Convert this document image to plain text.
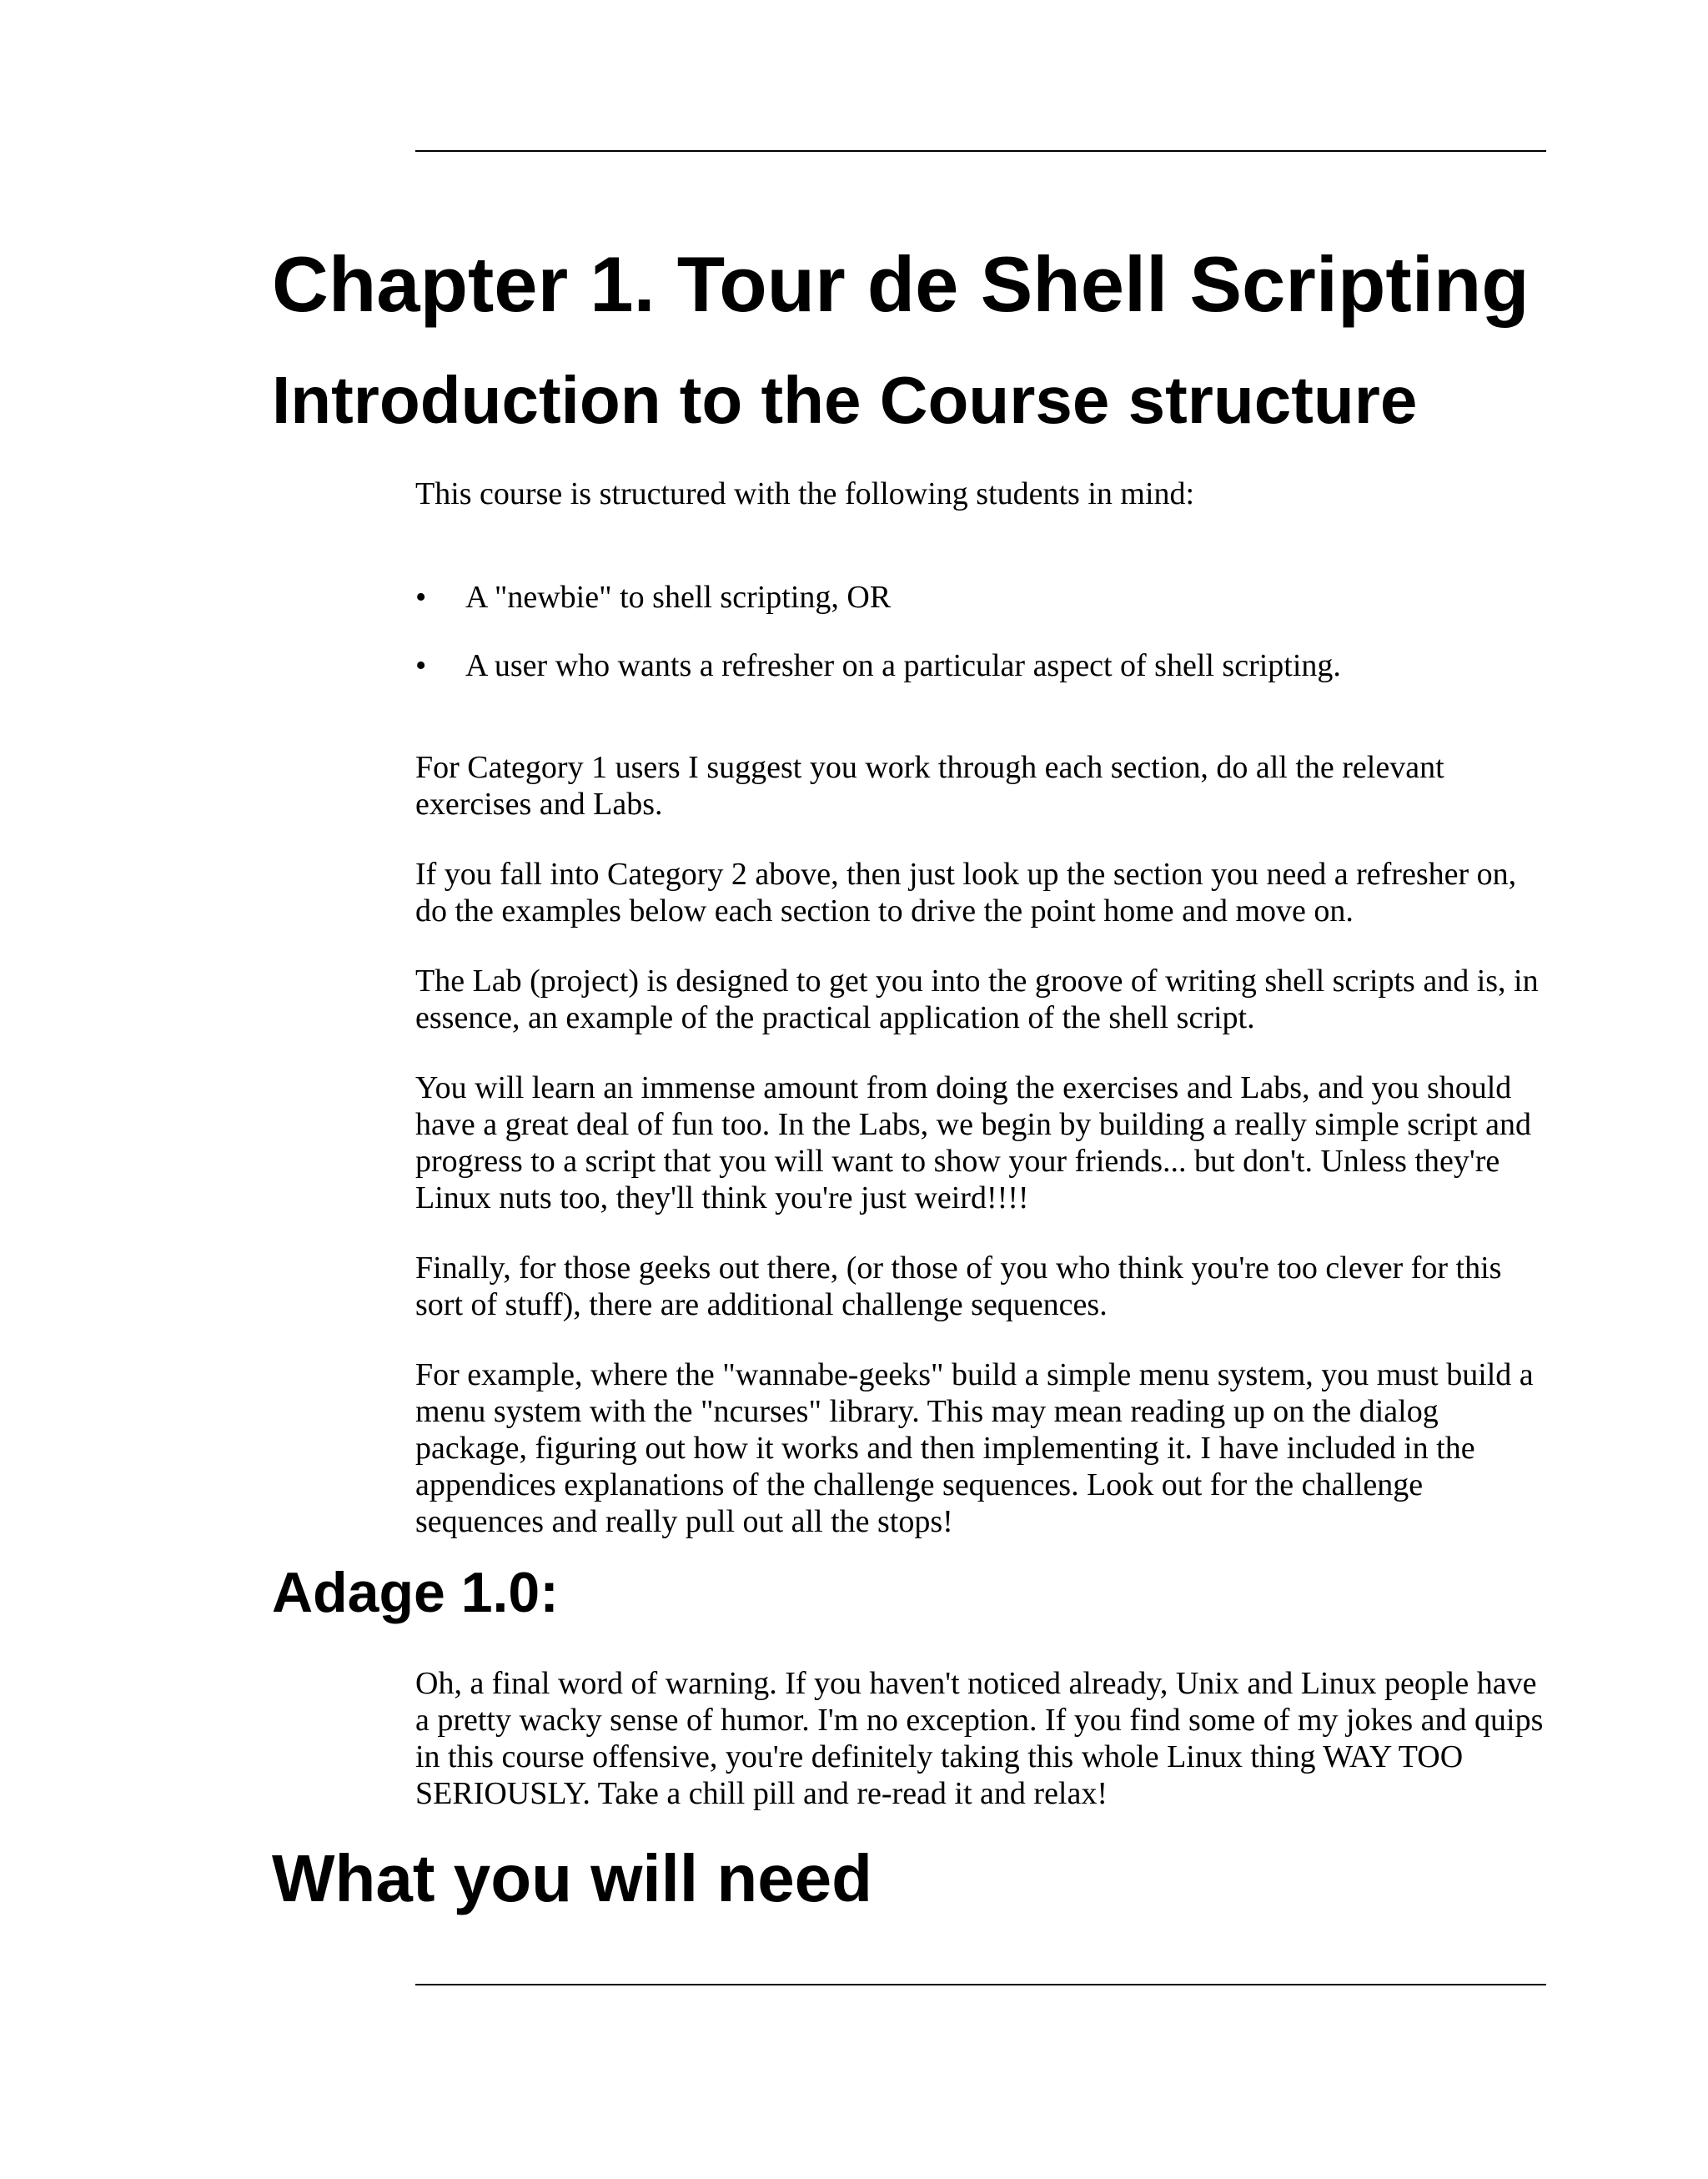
Chapter 1. Tour de Shell Scripting
Introduction to the Course structure

This course is structured with the following students in mind:

• A "newbie" to shell scripting, OR
• A user who wants a refresher on a particular aspect of shell scripting.

For Category 1 users I suggest you work through each section, do all the relevant exercises and Labs.

If you fall into Category 2 above, then just look up the section you need a refresher on, do the examples below each section to drive the point home and move on.

The Lab (project) is designed to get you into the groove of writing shell scripts and is, in essence, an example of the practical application of the shell script.

You will learn an immense amount from doing the exercises and Labs, and you should have a great deal of fun too. In the Labs, we begin by building a really simple script and progress to a script that you will want to show your friends... but don't. Unless they're Linux nuts too, they'll think you're just weird!!!!

Finally, for those geeks out there, (or those of you who think you're too clever for this sort of stuff), there are additional challenge sequences.

For example, where the "wannabe-geeks" build a simple menu system, you must build a menu system with the "ncurses" library. This may mean reading up on the dialog package, figuring out how it works and then implementing it. I have included in the appendices explanations of the challenge sequences. Look out for the challenge sequences and really pull out all the stops!

Adage 1.0:

Oh, a final word of warning. If you haven't noticed already, Unix and Linux people have a pretty wacky sense of humor. I'm no exception. If you find some of my jokes and quips in this course offensive, you're definitely taking this whole Linux thing WAY TOO SERIOUSLY. Take a chill pill and re-read it and relax!

What you will need
